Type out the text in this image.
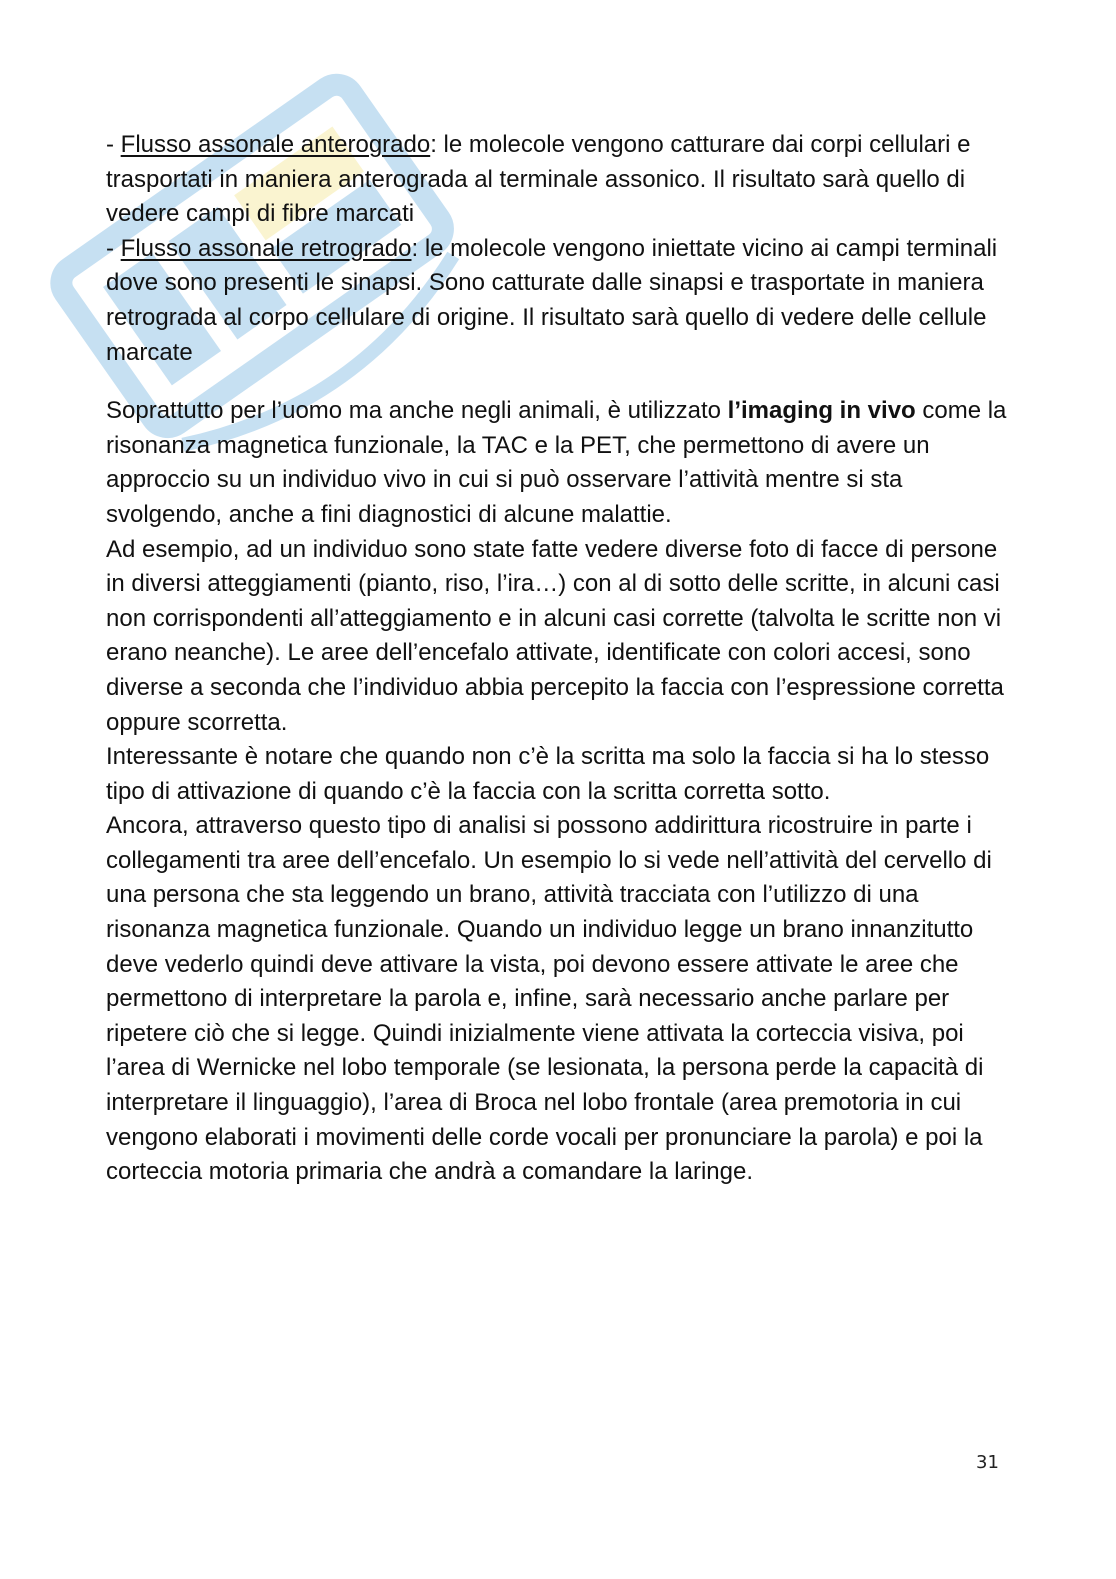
- Flusso assonale anterogrado: le molecole vengono catturare dai corpi cellulari e trasportati in maniera anterograda al terminale assonico. Il risultato sarà quello di vedere campi di fibre marcati

- Flusso assonale retrogrado: le molecole vengono iniettate vicino ai campi terminali dove sono presenti le sinapsi. Sono catturate dalle sinapsi e trasportate in maniera retrograda al corpo cellulare di origine. Il risultato sarà quello di vedere delle cellule marcate

Soprattutto per l’uomo ma anche negli animali, è utilizzato l’imaging in vivo come la risonanza magnetica funzionale, la TAC e la PET, che permettono di avere un approccio su un individuo vivo in cui si può osservare l’attività mentre si sta svolgendo, anche a fini diagnostici di alcune malattie.

Ad esempio, ad un individuo sono state fatte vedere diverse foto di facce di persone in diversi atteggiamenti (pianto, riso, l’ira…) con al di sotto delle scritte, in alcuni casi non corrispondenti all’atteggiamento e in alcuni casi corrette (talvolta le scritte non vi erano neanche). Le aree dell’encefalo attivate, identificate con colori accesi, sono diverse a seconda che l’individuo abbia percepito la faccia con l’espressione corretta oppure scorretta.

Interessante è notare che quando non c’è la scritta ma solo la faccia si ha lo stesso tipo di attivazione di quando c’è la faccia con la scritta corretta sotto.

Ancora, attraverso questo tipo di analisi si possono addirittura ricostruire in parte i collegamenti tra aree dell’encefalo. Un esempio lo si vede nell’attività del cervello di una persona che sta leggendo un brano, attività tracciata con l’utilizzo di una risonanza magnetica funzionale. Quando un individuo legge un brano innanzitutto deve vederlo quindi deve attivare la vista, poi devono essere attivate le aree che permettono di interpretare la parola e, infine, sarà necessario anche parlare per ripetere ciò che si legge. Quindi inizialmente viene attivata la corteccia visiva, poi l’area di Wernicke nel lobo temporale (se lesionata, la persona perde la capacità di interpretare il linguaggio), l’area di Broca nel lobo frontale (area premotoria in cui vengono elaborati i movimenti delle corde vocali per pronunciare la parola) e poi la corteccia motoria primaria che andrà a comandare la laringe.

31
